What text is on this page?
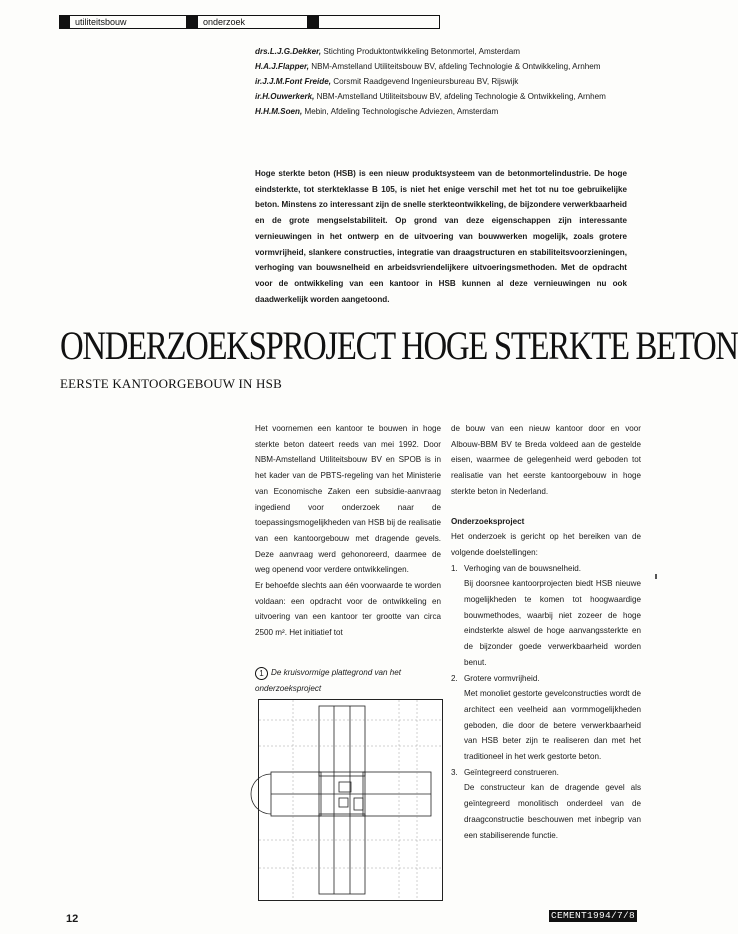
utiliteitsbouw	onderzoek
drs.L.J.G.Dekker, Stichting Produktontwikkeling Betonmortel, Amsterdam
H.A.J.Flapper, NBM-Amstelland Utiliteitsbouw BV, afdeling Technologie & Ontwikkeling, Arnhem
ir.J.J.M.Font Freide, Corsmit Raadgevend Ingenieursbureau BV, Rijswijk
ir.H.Ouwerkerk, NBM-Amstelland Utiliteitsbouw BV, afdeling Technologie & Ontwikkeling, Arnhem
H.H.M.Soen, Mebin, Afdeling Technologische Adviezen, Amsterdam
Hoge sterkte beton (HSB) is een nieuw produktsysteem van de betonmortelindustrie. De hoge eindsterkte, tot sterkteklasse B 105, is niet het enige verschil met het tot nu toe gebruikelijke beton. Minstens zo interessant zijn de snelle sterkteontwikkeling, de bijzondere verwerkbaarheid en de grote mengselstabiliteit. Op grond van deze eigenschappen zijn interessante vernieuwingen in het ontwerp en de uitvoering van bouwwerken mogelijk, zoals grotere vormvrijheid, slankere constructies, integratie van draagstructuren en stabiliteitsvoorzieningen, verhoging van bouwsnelheid en arbeidsvriendelijkere uitvoeringsmethoden. Met de opdracht voor de ontwikkeling van een kantoor in HSB kunnen al deze vernieuwingen nu ook daadwerkelijk worden aangetoond.
ONDERZOEKSPROJECT HOGE STERKTE BETON
EERSTE KANTOORGEBOUW IN HSB

Het voornemen een kantoor te bouwen in hoge sterkte beton dateert reeds van mei 1992. Door NBM-Amstelland Utiliteitsbouw BV en SPOB is in het kader van de PBTS-regeling van het Ministerie van Economische Zaken een subsidie-aanvraag ingediend voor onderzoek naar de toepassingsmogelijkheden van HSB bij de realisatie van een kantoorgebouw met dragende gevels. Deze aanvraag werd gehonoreerd, daarmee de weg openend voor verdere ontwikkelingen.

Er behoefde slechts aan één voorwaarde te worden voldaan: een opdracht voor de ontwikkeling en uitvoering van een kantoor ter grootte van circa 2500 m². Het initiatief tot

1 De kruisvormige plattegrond van het onderzoeksproject

de bouw van een nieuw kantoor door en voor Albouw-BBM BV te Breda voldeed aan de gestelde eisen, waarmee de gelegenheid werd geboden tot realisatie van het eerste kantoorgebouw in hoge sterkte beton in Nederland.

Onderzoeksproject

Het onderzoek is gericht op het bereiken van de volgende doelstellingen:

1. Verhoging van de bouwsnelheid.
Bij doorsnee kantoorprojecten biedt HSB nieuwe mogelijkheden te komen tot hoogwaardige bouwmethodes, waarbij niet zozeer de hoge eindsterkte alswel de hoge aanvangssterkte en de bijzonder goede verwerkbaarheid worden benut.
2. Grotere vormvrijheid.
Met monoliet gestorte gevelconstructies wordt de architect een veelheid aan vormmogelijkheden geboden, die door de betere verwerkbaarheid van HSB beter zijn te realiseren dan met het traditioneel in het werk gestorte beton.
3. Geïntegreerd construeren.
De constructeur kan de dragende gevel als geïntegreerd monolitisch onderdeel van de draagconstructie beschouwen met inbegrip van een stabiliserende functie.
12	CEMENT1994/7/8
